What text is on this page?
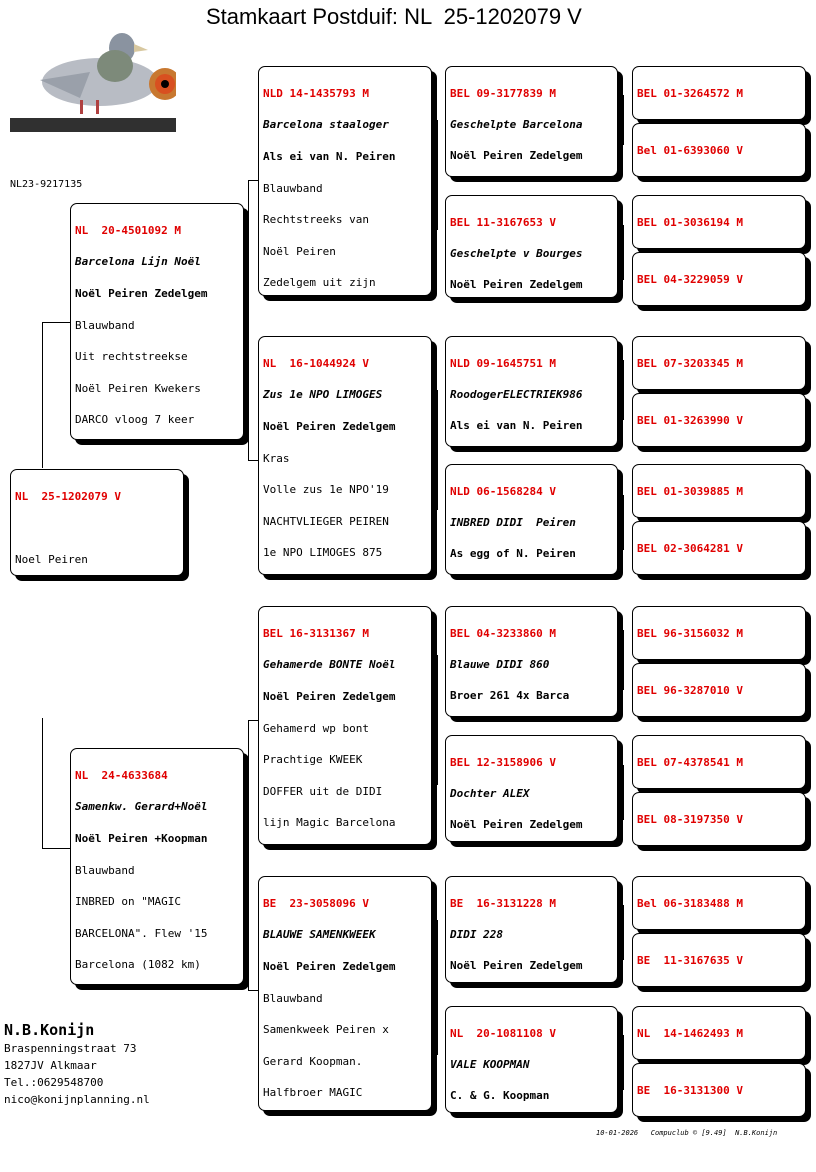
Stamkaart Postduif: NL  25-1202079 V
NL23-9217135

NL  25-1202079 V

Noel Peiren

NL  20-4501092 M

Barcelona Lijn Noël

Noël Peiren Zedelgem

Blauwband

Uit rechtstreekse

Noël Peiren Kwekers

DARCO vloog 7 keer

NL  24-4633684

Samenkw. Gerard+Noël

Noël Peiren +Koopman

Blauwband

INBRED on "MAGIC

BARCELONA". Flew '15

Barcelona (1082 km)

NLD 14-1435793 M

Barcelona staaloger

Als ei van N. Peiren

Blauwband

Rechtstreeks van

Noël Peiren

Zedelgem uit zijn

NL  16-1044924 V

Zus 1e NPO LIMOGES

Noël Peiren Zedelgem

Kras

Volle zus 1e NPO'19

NACHTVLIEGER PEIREN

1e NPO LIMOGES 875

BEL 16-3131367 M

Gehamerde BONTE Noël

Noël Peiren Zedelgem

Gehamerd wp bont

Prachtige KWEEK

DOFFER uit de DIDI

lijn Magic Barcelona

BE  23-3058096 V

BLAUWE SAMENKWEEK

Noël Peiren Zedelgem

Blauwband

Samenkweek Peiren x

Gerard Koopman.

Halfbroer MAGIC

BEL 09-3177839 M

Geschelpte Barcelona

Noël Peiren Zedelgem

BEL 11-3167653 V

Geschelpte v Bourges

Noël Peiren Zedelgem

NLD 09-1645751 M

RoodogerELECTRIEK986

Als ei van N. Peiren

NLD 06-1568284 V

INBRED DIDI  Peiren

As egg of N. Peiren

BEL 04-3233860 M

Blauwe DIDI 860

Broer 261 4x Barca

BEL 12-3158906 V

Dochter ALEX

Noël Peiren Zedelgem

BE  16-3131228 M

DIDI 228

Noël Peiren Zedelgem

NL  20-1081108 V

VALE KOOPMAN

C. & G. Koopman

BEL 01-3264572 M

Bel 01-6393060 V

BEL 01-3036194 M

BEL 04-3229059 V

BEL 07-3203345 M

BEL 01-3263990 V

BEL 01-3039885 M

BEL 02-3064281 V

BEL 96-3156032 M

BEL 96-3287010 V

BEL 07-4378541 M

BEL 08-3197350 V

Bel 06-3183488 M

BE  11-3167635 V

NL  14-1462493 M

BE  16-3131300 V

N.B.Konijn
Braspenningstraat 73
1827JV Alkmaar
Tel.:0629548700
nico@konijnplanning.nl
10-01-2026   Compuclub © [9.49]  N.B.Konijn
